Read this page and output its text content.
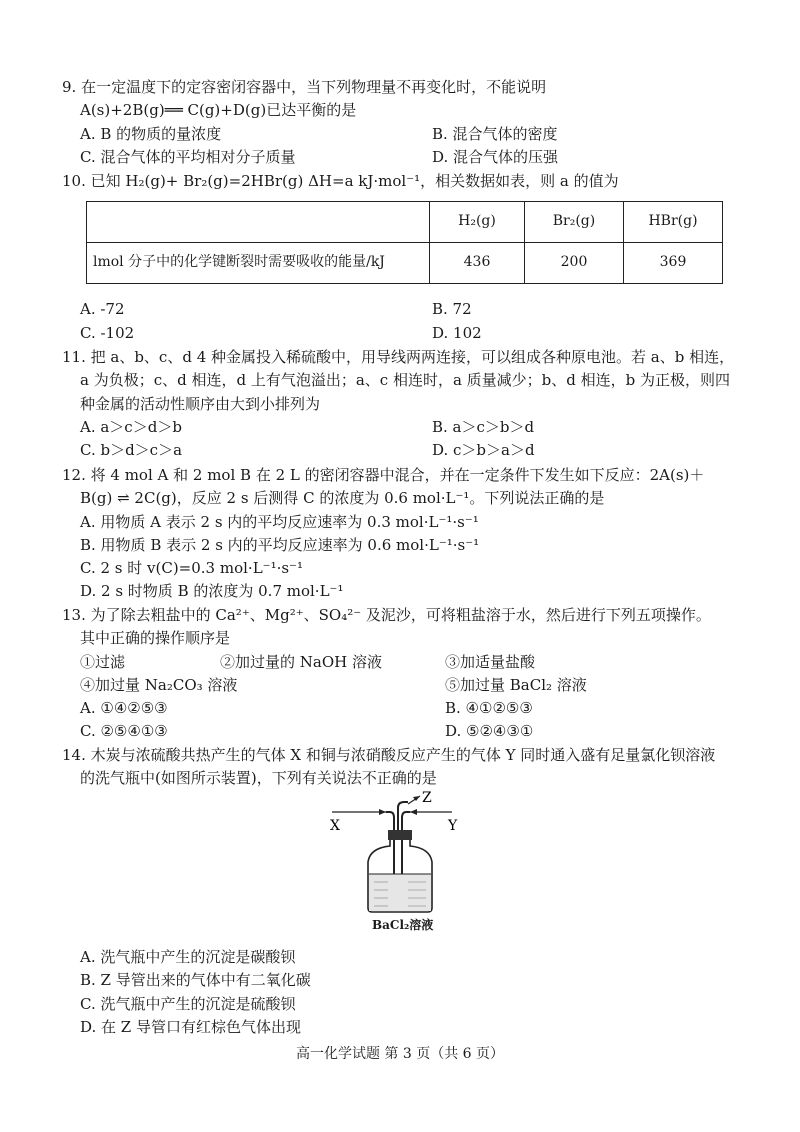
9. 在一定温度下的定容密闭容器中，当下列物理量不再变化时，不能说明

A(s)+2B(g)══ C(g)+D(g)已达平衡的是

A. B 的物质的量浓度	B. 混合气体的密度
C. 混合气体的平均相对分子质量	D. 混合气体的压强

10. 已知 H₂(g)+ Br₂(g)=2HBr(g) ΔH=a kJ·mol⁻¹，相关数据如表，则 a 的值为

	H₂(g)	Br₂(g)	HBr(g)
lmol 分子中的化学键断裂时需要吸收的能量/kJ	436	200	369
A. -72	B. 72
C. -102	D. 102

11. 把 a、b、c、d 4 种金属投入稀硫酸中，用导线两两连接，可以组成各种原电池。若 a、b 相连，

a 为负极；c、d 相连，d 上有气泡溢出；a、c 相连时，a 质量减少；b、d 相连，b 为正极，则四

种金属的活动性顺序由大到小排列为

A. a＞c＞d＞b	B. a＞c＞b＞d
C. b＞d＞c＞a	D. c＞b＞a＞d

12. 将 4 mol A 和 2 mol B 在 2 L 的密闭容器中混合，并在一定条件下发生如下反应：2A(s)＋

B(g) ⇌ 2C(g)，反应 2 s 后测得 C 的浓度为 0.6 mol·L⁻¹。下列说法正确的是

A. 用物质 A 表示 2 s 内的平均反应速率为 0.3 mol·L⁻¹·s⁻¹
B. 用物质 B 表示 2 s 内的平均反应速率为 0.6 mol·L⁻¹·s⁻¹
C. 2 s 时 v(C)=0.3 mol·L⁻¹·s⁻¹
D. 2 s 时物质 B 的浓度为 0.7 mol·L⁻¹

13. 为了除去粗盐中的 Ca²⁺、Mg²⁺、SO₄²⁻ 及泥沙，可将粗盐溶于水，然后进行下列五项操作。

其中正确的操作顺序是

①过滤	②加过量的 NaOH 溶液	③加适量盐酸
④加过量 Na₂CO₃ 溶液	⑤加过量 BaCl₂ 溶液
A. ①④②⑤③	B. ④①②⑤③
C. ②⑤④①③	D. ⑤②④③①

14. 木炭与浓硫酸共热产生的气体 X 和铜与浓硝酸反应产生的气体 Y 同时通入盛有足量氯化钡溶液

的洗气瓶中(如图所示装置)，下列有关说法不正确的是

X	Y
Z
BaCl₂溶液
A. 洗气瓶中产生的沉淀是碳酸钡
B. Z 导管出来的气体中有二氧化碳
C. 洗气瓶中产生的沉淀是硫酸钡
D. 在 Z 导管口有红棕色气体出现
高一化学试题 第 3 页（共 6 页）
